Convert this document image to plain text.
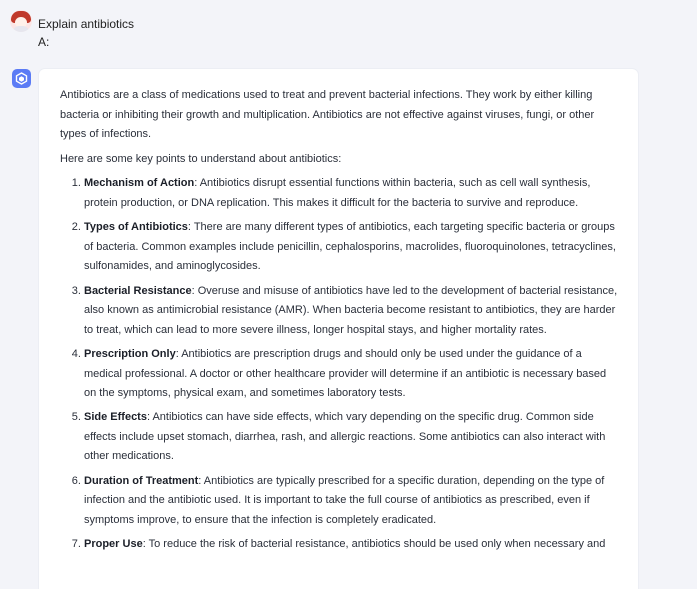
Explain antibiotics
A:

Antibiotics are a class of medications used to treat and prevent bacterial infections. They work by either killing bacteria or inhibiting their growth and multiplication. Antibiotics are not effective against viruses, fungi, or other types of infections.

Here are some key points to understand about antibiotics:

1. Mechanism of Action: Antibiotics disrupt essential functions within bacteria, such as cell wall synthesis, protein production, or DNA replication. This makes it difficult for the bacteria to survive and reproduce.
2. Types of Antibiotics: There are many different types of antibiotics, each targeting specific bacteria or groups of bacteria. Common examples include penicillin, cephalosporins, macrolides, fluoroquinolones, tetracyclines, sulfonamides, and aminoglycosides.
3. Bacterial Resistance: Overuse and misuse of antibiotics have led to the development of bacterial resistance, also known as antimicrobial resistance (AMR). When bacteria become resistant to antibiotics, they are harder to treat, which can lead to more severe illness, longer hospital stays, and higher mortality rates.
4. Prescription Only: Antibiotics are prescription drugs and should only be used under the guidance of a medical professional. A doctor or other healthcare provider will determine if an antibiotic is necessary based on the symptoms, physical exam, and sometimes laboratory tests.
5. Side Effects: Antibiotics can have side effects, which vary depending on the specific drug. Common side effects include upset stomach, diarrhea, rash, and allergic reactions. Some antibiotics can also interact with other medications.
6. Duration of Treatment: Antibiotics are typically prescribed for a specific duration, depending on the type of infection and the antibiotic used. It is important to take the full course of antibiotics as prescribed, even if symptoms improve, to ensure that the infection is completely eradicated.
7. Proper Use: To reduce the risk of bacterial resistance, antibiotics should be used only when necessary and
